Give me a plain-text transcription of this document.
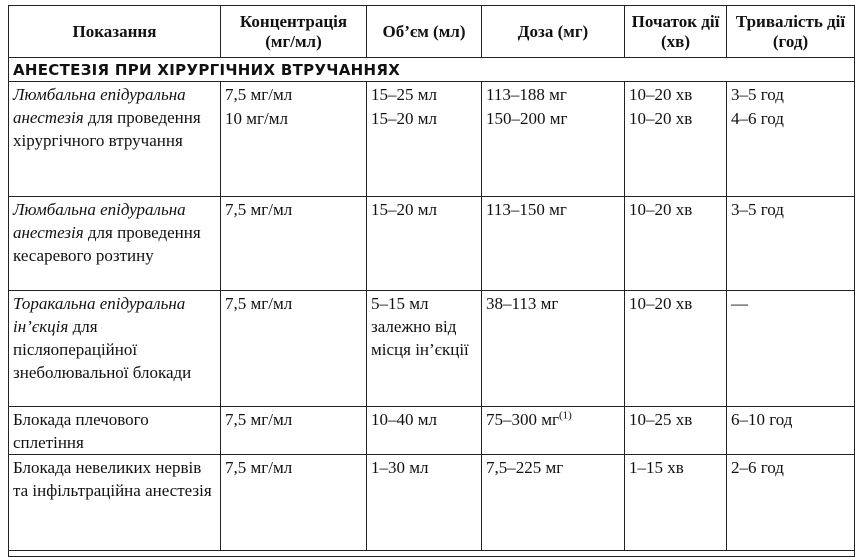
Показання	Концентрація (мг/мл)	Об’єм (мл)	Доза (мг)	Початок дії (хв)	Тривалість дії (год)
АНЕСТЕЗІЯ ПРИ ХІРУРГІЧНИХ ВТРУЧАННЯХ					
Люмбальна епідуральна анестезія для проведення хірургічного втручання	7,5 мг/мл	15–25 мл	113–188 мг	10–20 хв	3–5 год
	10 мг/мл	15–20 мл	150–200 мг	10–20 хв	4–6 год
Люмбальна епідуральна анестезія для проведення кесаревого розтину	7,5 мг/мл	15–20 мл	113–150 мг	10–20 хв	3–5 год
Торакальна епідуральна ін’єкція для післяопераційної знеболювальної блокади	7,5 мг/мл	5–15 мл залежно від місця ін’єкції	38–113 мг	10–20 хв	—
Блокада плечового сплетіння	7,5 мг/мл	10–40 мл	75–300 $мг^{(1)}$	10–25 хв	6–10 год
Блокада невеликих нервів та інфільтраційна анестезія	7,5 мг/мл	1–30 мл	7,5–225 мг	1–15 хв	2–6 год
